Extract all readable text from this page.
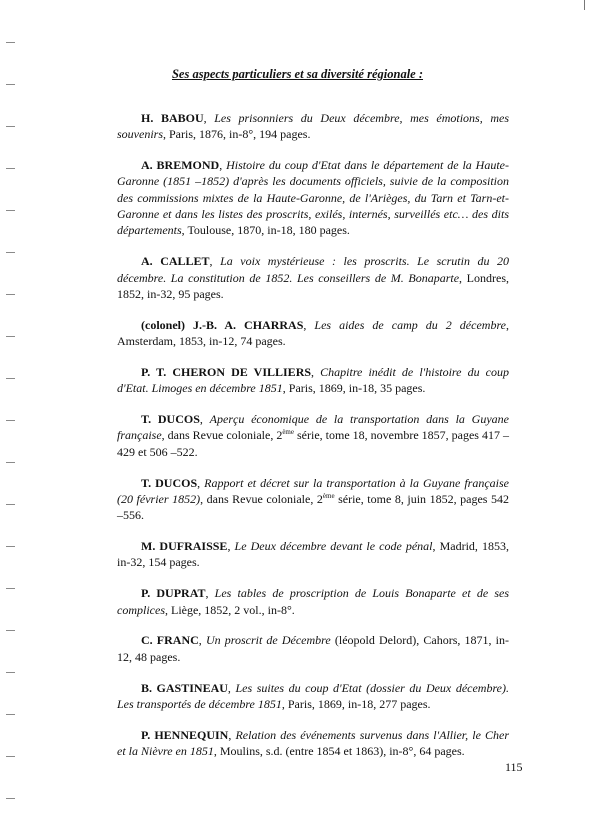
Ses aspects particuliers et sa diversité régionale :

H. BABOU, Les prisonniers du Deux décembre, mes émotions, mes souvenirs, Paris, 1876, in-8°, 194 pages.

A. BREMOND, Histoire du coup d'Etat dans le département de la Haute-Garonne (1851 –1852) d'après les documents officiels, suivie de la composition des commissions mixtes de la Haute-Garonne, de l'Arièges, du Tarn et Tarn-et-Garonne et dans les listes des proscrits, exilés, internés, surveillés etc… des dits départements, Toulouse, 1870, in-18, 180 pages.

A. CALLET, La voix mystérieuse : les proscrits. Le scrutin du 20 décembre. La constitution de 1852. Les conseillers de M. Bonaparte, Londres, 1852, in-32, 95 pages.

(colonel) J.-B. A. CHARRAS, Les aides de camp du 2 décembre, Amsterdam, 1853, in-12, 74 pages.

P. T. CHERON DE VILLIERS, Chapitre inédit de l'histoire du coup d'Etat. Limoges en décembre 1851, Paris, 1869, in-18, 35 pages.

T. DUCOS, Aperçu économique de la transportation dans la Guyane française, dans Revue coloniale, 2ème série, tome 18, novembre 1857, pages 417 –429 et 506 –522.

T. DUCOS, Rapport et décret sur la transportation à la Guyane française (20 février 1852), dans Revue coloniale, 2ème série, tome 8, juin 1852, pages 542 –556.

M. DUFRAISSE, Le Deux décembre devant le code pénal, Madrid, 1853, in-32, 154 pages.

P. DUPRAT, Les tables de proscription de Louis Bonaparte et de ses complices, Liège, 1852, 2 vol., in-8°.

C. FRANC, Un proscrit de Décembre (léopold Delord), Cahors, 1871, in-12, 48 pages.

B. GASTINEAU, Les suites du coup d'Etat (dossier du Deux décembre). Les transportés de décembre 1851, Paris, 1869, in-18, 277 pages.

P. HENNEQUIN, Relation des événements survenus dans l'Allier, le Cher et la Nièvre en 1851, Moulins, s.d. (entre 1854 et 1863), in-8°, 64 pages.

115
